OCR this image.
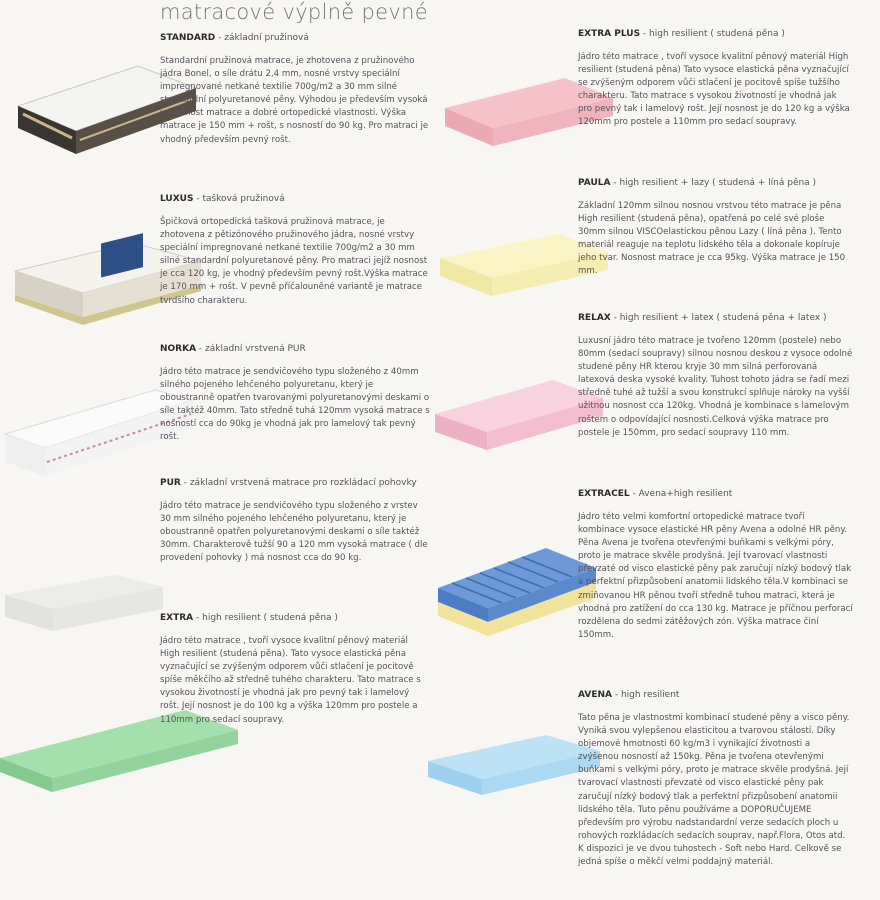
matracové výplně pevné
STANDARD - základní pružinová

Standardní pružinová matrace, je zhotovena z pružinového jádra Bonel, o síle drátu 2,4 mm, nosné vrstvy speciální impregnované netkané textilie 700g/m2 a 30 mm silné standardní polyuretanové pěny. Výhodou je především vysoká vzdušnost matrace a dobré ortopedické vlastnosti. Výška matrace je 150 mm + rošt, s nosností do 90 kg. Pro matraci je vhodný především pevný rošt.

LUXUS - tašková pružinová

Špičková ortopedická tašková pružinová matrace, je zhotovena z pětizónového pružinového jádra, nosné vrstvy speciální impregnované netkané textilie 700g/m2 a 30 mm silné standardní polyuretanové pěny. Pro matraci jejíž nosnost je cca 120 kg, je vhodný především pevný rošt.Výška matrace je 170 mm + rošt. V pevně příčalouněné variantě je matrace tvrdšího charakteru.

NORKA - základní vrstvená PUR

Jádro této matrace je sendvičového typu složeného z 40mm silného pojeného lehčeného polyuretanu, který je oboustranně opatřen tvarovanými polyuretanovými deskami o síle taktéž 40mm. Tato středně tuhá 120mm vysoká matrace s nosností cca do 90kg je vhodná jak pro lamelový tak pevný rošt.

PUR - základní vrstvená matrace pro rozkládací pohovky

Jádro této matrace je sendvičového typu složeného z vrstev 30 mm silného pojeného lehčeného polyuretanu, který je oboustranně opatřen polyuretanovými deskami o síle taktéž 30mm. Charakterově tužší 90 a 120 mm vysoká matrace ( dle provedení pohovky ) má nosnost cca do 90 kg.

EXTRA - high resilient ( studená pěna )

Jádro této matrace , tvoří vysoce kvalitní pěnový materiál High resilient (studená pěna). Tato vysoce elastická pěna vyznačující se zvýšeným odporem vůči stlačení je pocitově spíše měkčího až středně tuhého charakteru. Tato matrace s vysokou životností je vhodná jak pro pevný tak i lamelový rošt. Její nosnost je do 100 kg a výška 120mm pro postele a 110mm pro sedací soupravy.

EXTRA PLUS - high resilient ( studená pěna )

Jádro této matrace , tvoří vysoce kvalitní pěnový materiál High resilient (studená pěna) Tato vysoce elastická pěna vyznačující se zvýšeným odporem vůči stlačení je pocitově spíše tužšího charakteru. Tato matrace s vysokou životností je vhodná jak pro pevný tak i lamelový rošt. Její nosnost je do 120 kg a výška 120mm pro postele a 110mm pro sedací soupravy.

PAULA - high resilient + lazy ( studená + líná pěna )

Základní 120mm silnou nosnou vrstvou této matrace je pěna High resilient (studená pěna), opatřená po celé své ploše 30mm silnou VISCOelastickou pěnou Lazy ( líná pěna ). Tento materiál reaguje na teplotu lidského těla a dokonale kopíruje jeho tvar. Nosnost matrace je cca 95kg. Výška matrace je 150 mm.

RELAX - high resilient + latex ( studená pěna + latex )

Luxusní jádro této matrace je tvořeno 120mm (postele) nebo 80mm (sedací soupravy) silnou nosnou deskou z vysoce odolné studené pěny HR kterou kryje 30 mm silná perforovaná latexová deska vysoké kvality. Tuhost tohoto jádra se řadí mezi středně tuhé až tužší a svou konstrukcí splňuje nároky na vyšší užitnou nosnost cca 120kg. Vhodná je kombinace s lamelovým roštem o odpovídající nosnosti.Celková výška matrace pro postele je 150mm, pro sedací soupravy 110 mm.

EXTRACEL - Avena+high resilient

Jádro této velmi komfortní ortopedické matrace tvoří kombinace vysoce elastické HR pěny Avena a odolné HR pěny. Pěna Avena je tvořena otevřenými buňkami s velkými póry, proto je matrace skvěle prodyšná. Její tvarovací vlastnosti převzaté od visco elastické pěny pak zaručují nízký bodový tlak a perfektní přizpůsobení anatomii lidského těla.V kombinaci se zmiňovanou HR pěnou tvoří středně tuhou matraci, která je vhodná pro zatížení do cca 130 kg. Matrace je příčnou perforací rozdělena do sedmi zátěžových zón. Výška matrace činí 150mm.

AVENA - high resilient

Tato pěna je vlastnostmi kombinací studené pěny a visco pěny. Vyniká svou vylepšenou elasticitou a tvarovou stálostí. Díky objemové hmotnosti 60 kg/m3 i vynikající životnosti a zvýšenou nosností až 150kg. Pěna je tvořena otevřenými buňkami s velkými póry, proto je matrace skvěle prodyšná. Její tvarovací vlastnosti převzaté od visco elastické pěny pak zaručují nízký bodový tlak a perfektní přizpůsobení anatomii lidského těla. Tuto pěnu používáme a DOPORUČUJEME především pro výrobu nadstandardní verze sedacích ploch u rohových rozkládacích sedacích souprav, např.Flora, Otos atd. K dispozici je ve dvou tuhostech - Soft nebo Hard. Celkově se jedná spíše o měkčí velmi poddajný materiál.
